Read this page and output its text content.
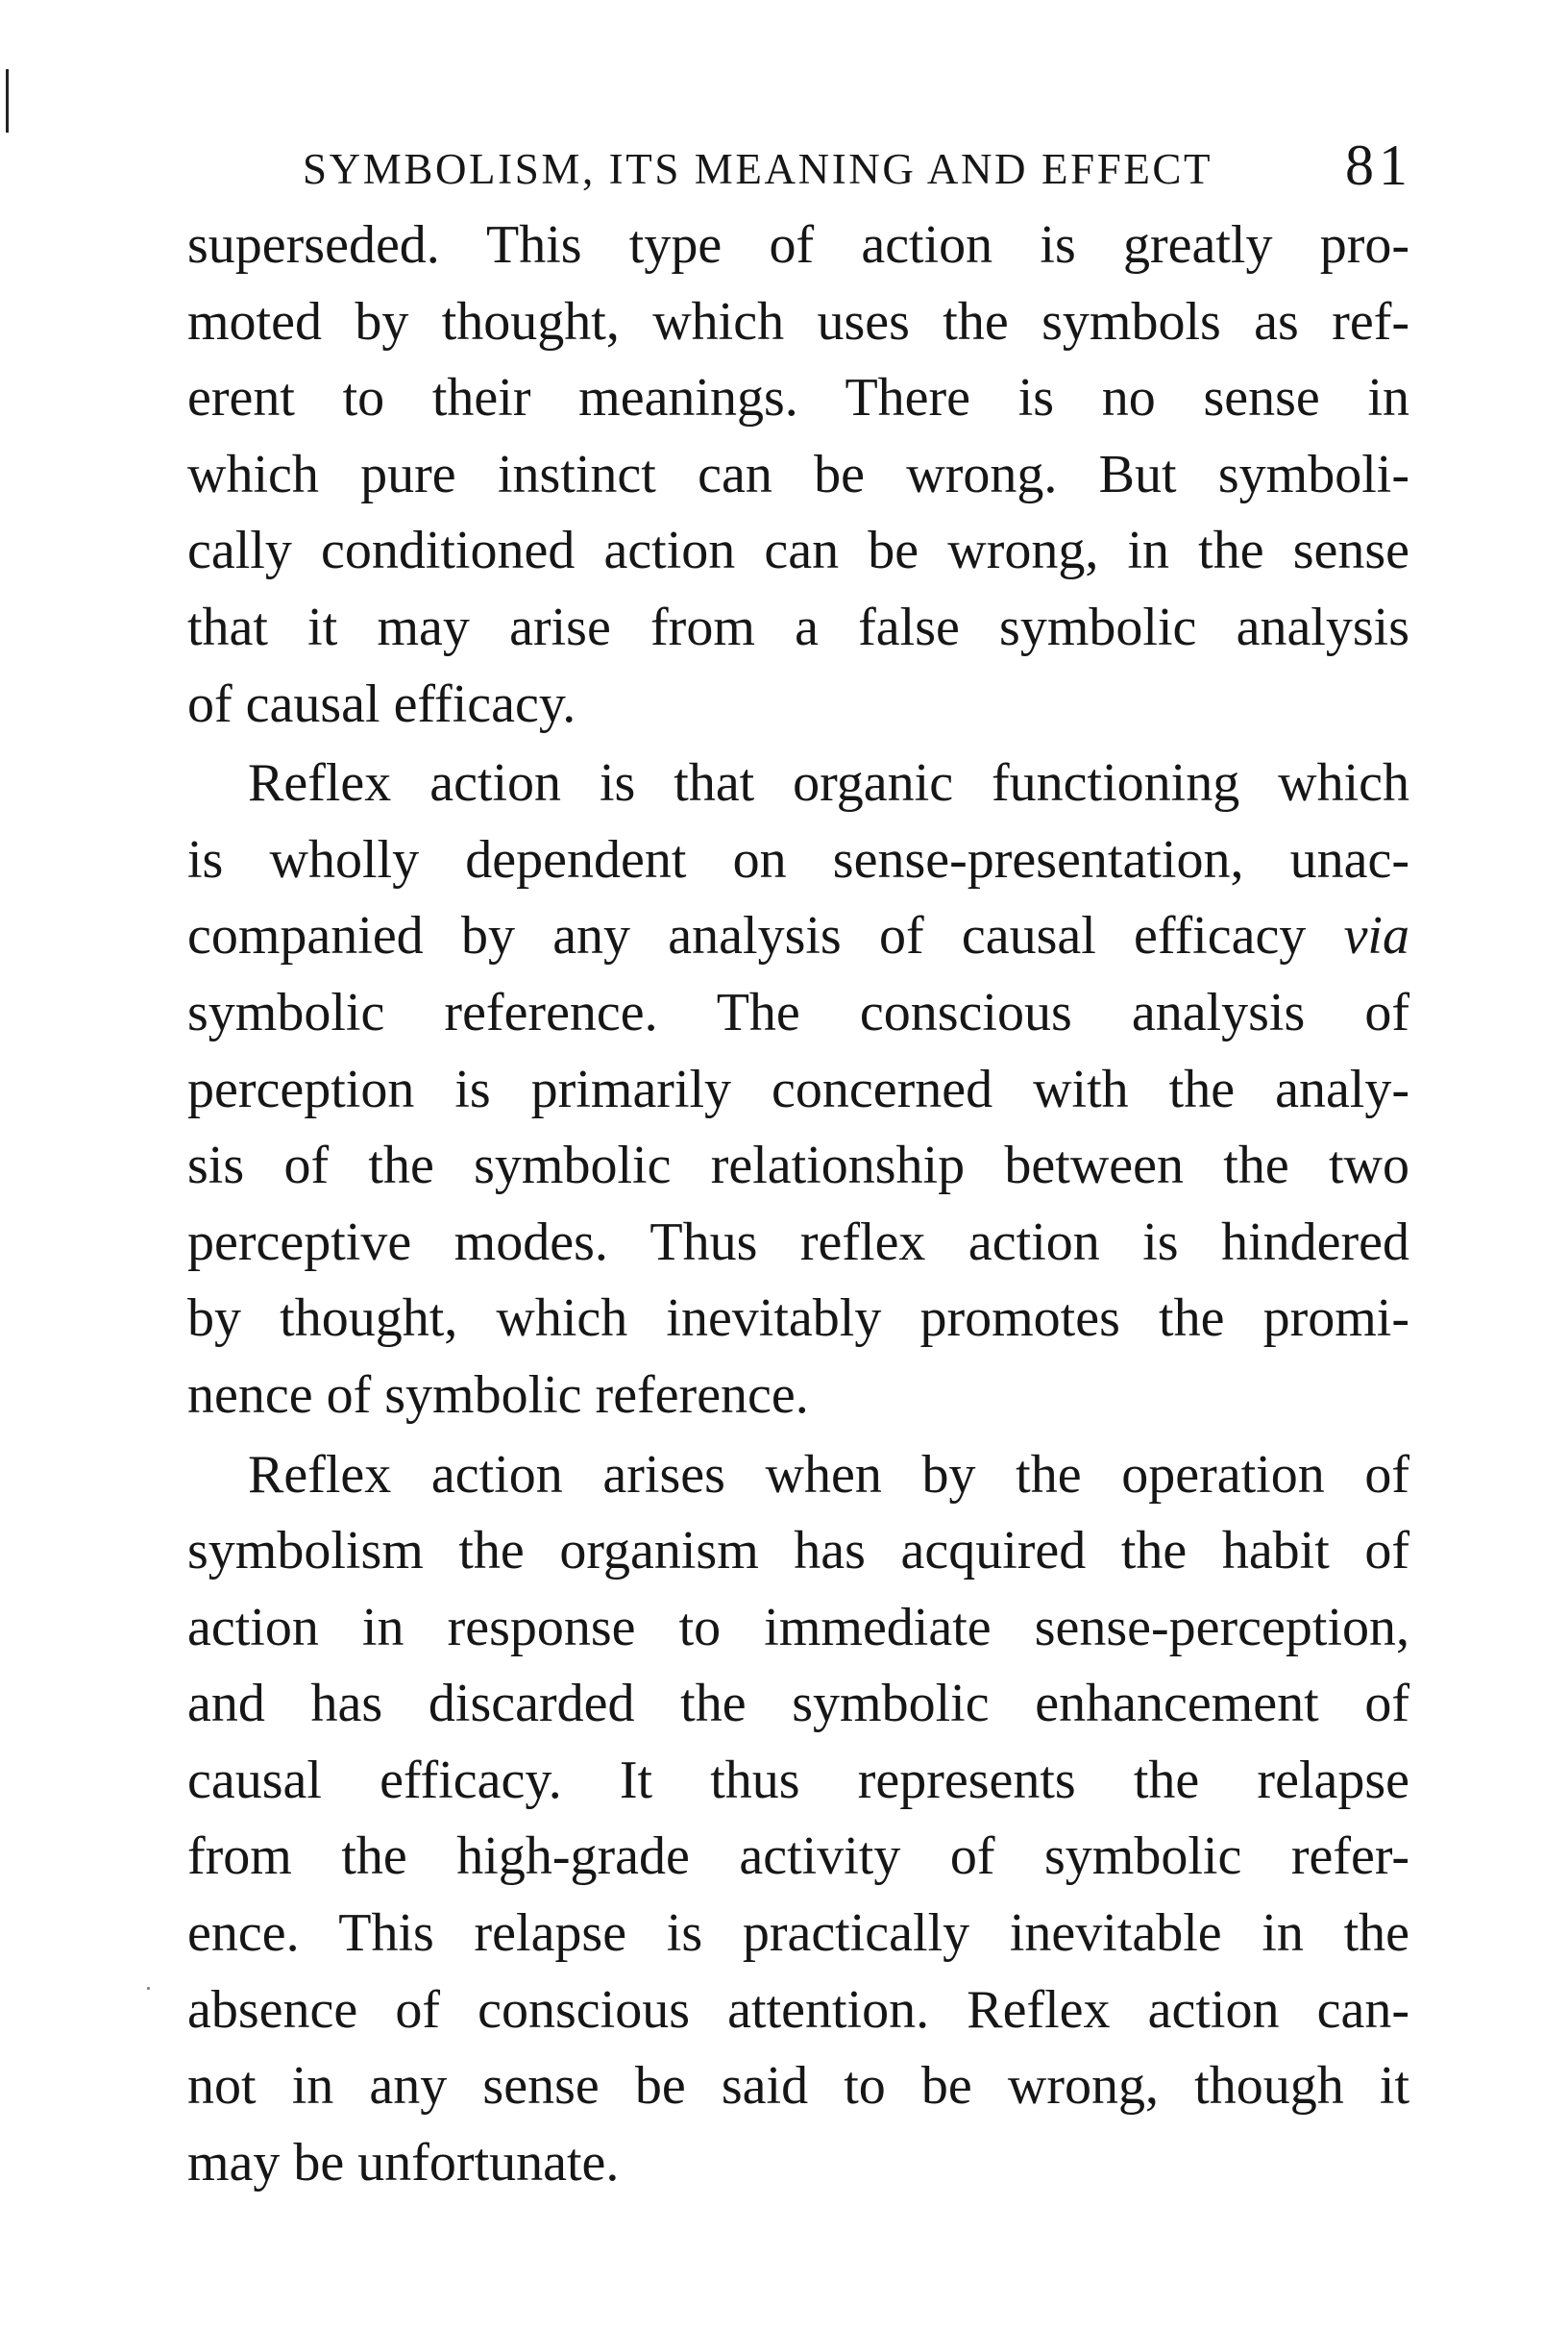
SYMBOLISM, ITS MEANING AND EFFECT 81
superseded. This type of action is greatly pro-
moted by thought, which uses the symbols as ref-
erent to their meanings. There is no sense in
which pure instinct can be wrong. But symboli-
cally conditioned action can be wrong, in the sense
that it may arise from a false symbolic analysis
of causal efficacy.
Reflex action is that organic functioning which
is wholly dependent on sense-presentation, unac-
companied by any analysis of causal efficacy via
symbolic reference. The conscious analysis of
perception is primarily concerned with the analy-
sis of the symbolic relationship between the two
perceptive modes. Thus reflex action is hindered
by thought, which inevitably promotes the promi-
nence of symbolic reference.
Reflex action arises when by the operation of
symbolism the organism has acquired the habit of
action in response to immediate sense-perception,
and has discarded the symbolic enhancement of
causal efficacy. It thus represents the relapse
from the high-grade activity of symbolic refer-
ence. This relapse is practically inevitable in the
absence of conscious attention. Reflex action can-
not in any sense be said to be wrong, though it
may be unfortunate.
